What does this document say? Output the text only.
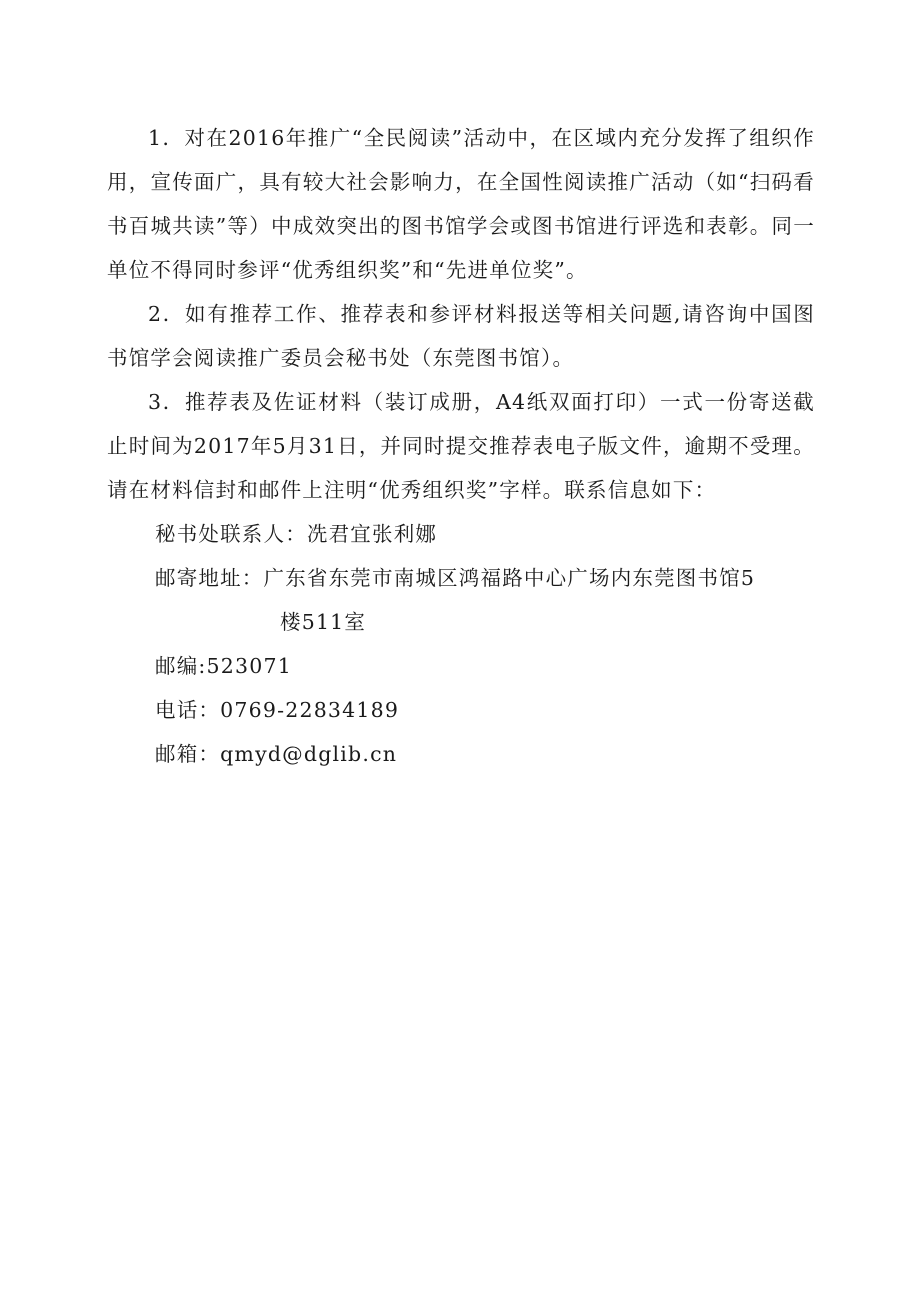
1．对在2016年推广“全民阅读”活动中，在区域内充分发挥了组织作用，宣传面广，具有较大社会影响力，在全国性阅读推广活动（如“扫码看书百城共读”等）中成效突出的图书馆学会或图书馆进行评选和表彰。同一单位不得同时参评“优秀组织奖”和“先进单位奖”。

2．如有推荐工作、推荐表和参评材料报送等相关问题,请咨询中国图书馆学会阅读推广委员会秘书处（东莞图书馆）。

3．推荐表及佐证材料（装订成册，A4纸双面打印）一式一份寄送截止时间为2017年5月31日，并同时提交推荐表电子版文件，逾期不受理。请在材料信封和邮件上注明“优秀组织奖”字样。联系信息如下：

秘书处联系人：冼君宜张利娜
邮寄地址：广东省东莞市南城区鸿福路中心广场内东莞图书馆5
楼511室
邮编:523071
电话：0769-22834189
邮箱：qmyd@dglib.cn
